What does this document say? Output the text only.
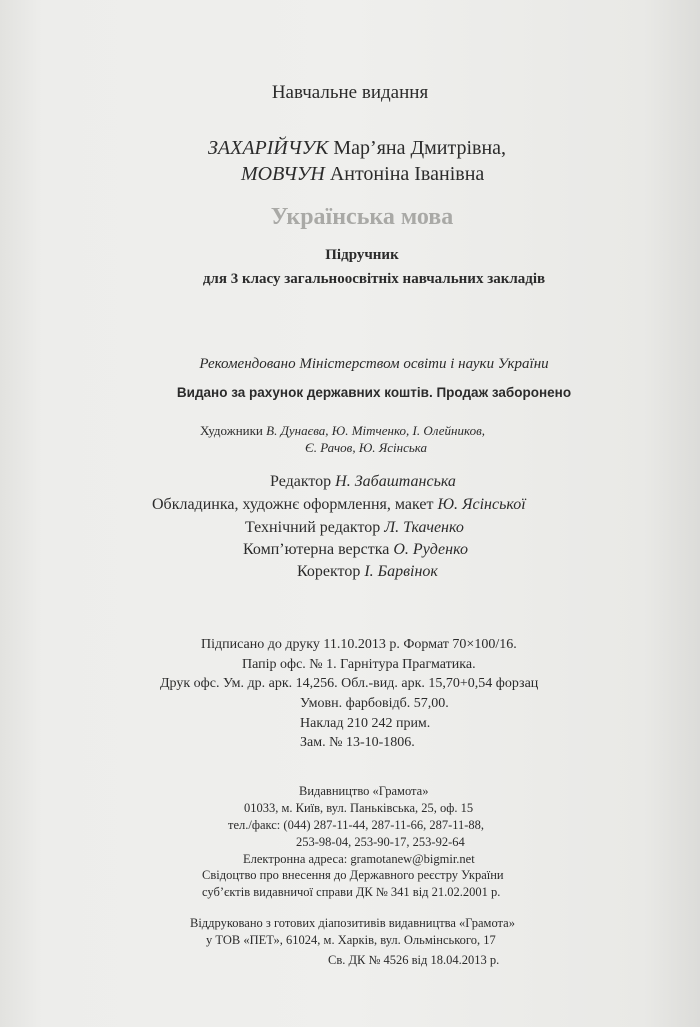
Навчальне видання
ЗАХАРІЙЧУК Мар’яна Дмитрівна,
МОВЧУН Антоніна Іванівна
Українська мова
Підручник
для 3 класу загальноосвітніх навчальних закладів
Рекомендовано Міністерством освіти і науки України
Видано за рахунок державних коштів. Продаж заборонено
Художники В. Дунаєва, Ю. Мітченко, І. Олейников,
Є. Рачов, Ю. Ясінська
Редактор Н. Забаштанська
Обкладинка, художнє оформлення, макет Ю. Ясінської
Технічний редактор Л. Ткаченко
Комп’ютерна верстка О. Руденко
Коректор І. Барвінок
Підписано до друку 11.10.2013 р. Формат 70×100/16.
Папір офс. № 1. Гарнітура Прагматика.
Друк офс. Ум. др. арк. 14,256. Обл.-вид. арк. 15,70+0,54 форзац
Умовн. фарбовідб. 57,00.
Наклад 210 242 прим.
Зам. № 13-10-1806.
Видавництво «Грамота»
01033, м. Київ, вул. Паньківська, 25, оф. 15
тел./факс: (044) 287-11-44, 287-11-66, 287-11-88,
253-98-04, 253-90-17, 253-92-64
Електронна адреса: gramotanew@bigmir.net
Свідоцтво про внесення до Державного реєстру України
суб’єктів видавничої справи ДК № 341 від 21.02.2001 р.
Віддруковано з готових діапозитивів видавництва «Грамота»
у ТОВ «ПЕТ», 61024, м. Харків, вул. Ольмінського, 17
Св. ДК № 4526 від 18.04.2013 р.
